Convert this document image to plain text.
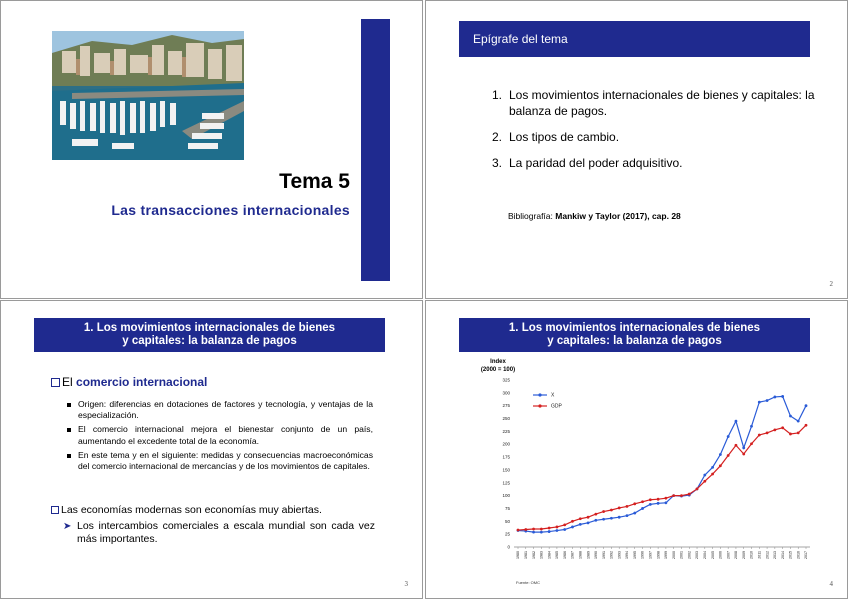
Tema 5
Las transacciones internacionales
Epígrafe del tema
1. Los movimientos internacionales de bienes y capitales: la balanza de pagos.
2. Los tipos de cambio.
3. La paridad del poder adquisitivo.
Bibliografía: Mankiw y Taylor (2017), cap. 28
2
1. Los movimientos internacionales de bienes
y capitales: la balanza de pagos
El comercio internacional
Origen: diferencias en dotaciones de factores y tecnología, y ventajas de la especialización.
El comercio internacional mejora el bienestar conjunto de un país, aumentando el excedente total de la economía.
En este tema y en el siguiente: medidas y consecuencias macroeconómicas del comercio internacional de mercancías y de los movimientos de capitales.
Las economías modernas son economías muy abiertas.
➤ Los intercambios comerciales a escala mundial son cada vez más importantes.
3
1. Los movimientos internacionales de bienes
y capitales: la balanza de pagos
Index
(2000 = 100)
0
25
50
75
100
125
150
175
200
225
250
275
300
325
1980 1981 1982 1983 1984 1985 1986 1987 1988 1989 1990 1991 1992 1993 1994 1995 1996 1997 1998 1999 2000 2001 2002 2003 2004 2005 2006 2007 2008 2009 2010 2011 2012 2013 2014 2015 2016 2017
X
GDP
Fuente: OMC	4
